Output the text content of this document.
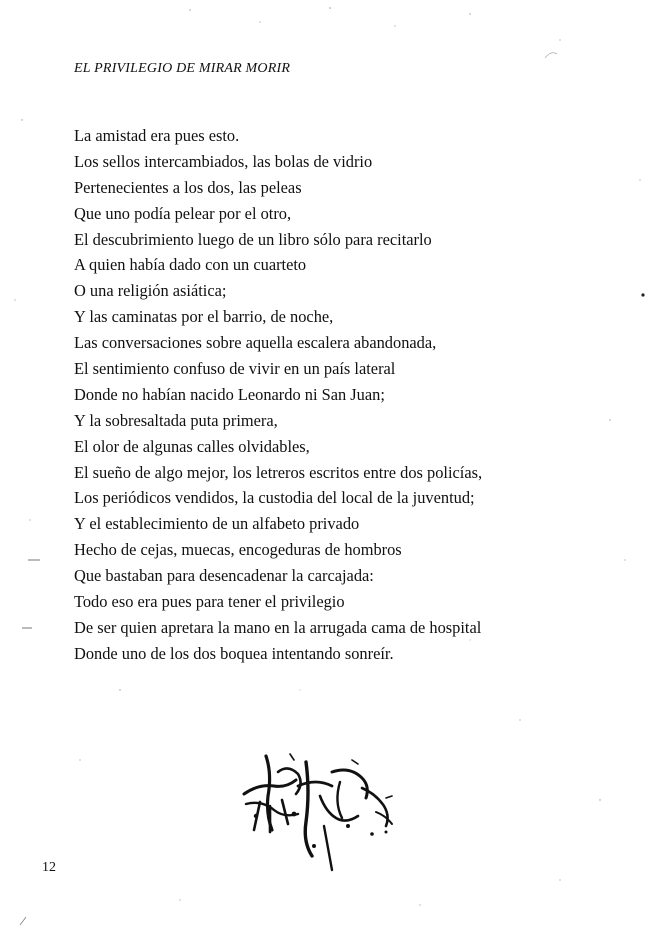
EL PRIVILEGIO DE MIRAR MORIR
La amistad era pues esto.
Los sellos intercambiados, las bolas de vidrio
Pertenecientes a los dos, las peleas
Que uno podía pelear por el otro,
El descubrimiento luego de un libro sólo para recitarlo
A quien había dado con un cuarteto
O una religión asiática;
Y las caminatas por el barrio, de noche,
Las conversaciones sobre aquella escalera abandonada,
El sentimiento confuso de vivir en un país lateral
Donde no habían nacido Leonardo ni San Juan;
Y la sobresaltada puta primera,
El olor de algunas calles olvidables,
El sueño de algo mejor, los letreros escritos entre dos policías,
Los periódicos vendidos, la custodia del local de la juventud;
Y el establecimiento de un alfabeto privado
Hecho de cejas, muecas, encogeduras de hombros
Que bastaban para desencadenar la carcajada:
Todo eso era pues para tener el privilegio
De ser quien apretara la mano en la arrugada cama de hospital
Donde uno de los dos boquea intentando sonreír.
12
